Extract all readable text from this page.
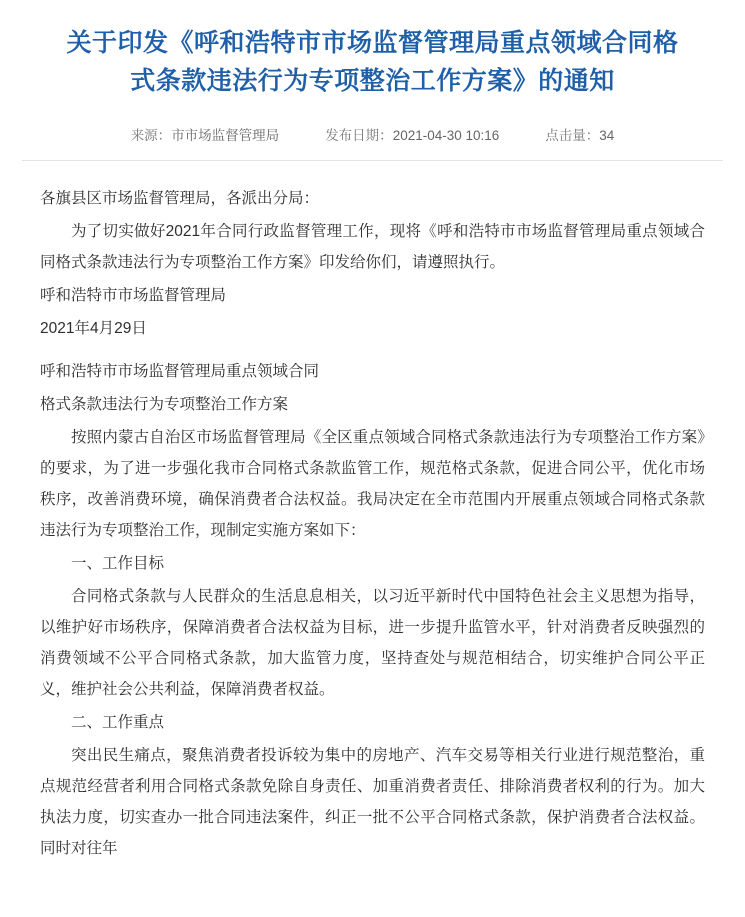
关于印发《呼和浩特市市场监督管理局重点领域合同格式条款违法行为专项整治工作方案》的通知
来源：市市场监督管理局	发布日期：2021-04-30 10:16	点击量：34

各旗县区市场监督管理局，各派出分局：

为了切实做好2021年合同行政监督管理工作，现将《呼和浩特市市场监督管理局重点领域合同格式条款违法行为专项整治工作方案》印发给你们，请遵照执行。

呼和浩特市市场监督管理局

2021年4月29日

呼和浩特市市场监督管理局重点领域合同

格式条款违法行为专项整治工作方案

按照内蒙古自治区市场监督管理局《全区重点领域合同格式条款违法行为专项整治工作方案》的要求，为了进一步强化我市合同格式条款监管工作，规范格式条款，促进合同公平，优化市场秩序，改善消费环境，确保消费者合法权益。我局决定在全市范围内开展重点领域合同格式条款违法行为专项整治工作，现制定实施方案如下：

一、工作目标

合同格式条款与人民群众的生活息息相关，以习近平新时代中国特色社会主义思想为指导，以维护好市场秩序，保障消费者合法权益为目标，进一步提升监管水平，针对消费者反映强烈的消费领域不公平合同格式条款，加大监管力度，坚持查处与规范相结合，切实维护合同公平正义，维护社会公共利益，保障消费者权益。

二、工作重点

突出民生痛点，聚焦消费者投诉较为集中的房地产、汽车交易等相关行业进行规范整治，重点规范经营者利用合同格式条款免除自身责任、加重消费者责任、排除消费者权利的行为。加大执法力度，切实查办一批合同违法案件，纠正一批不公平合同格式条款，保护消费者合法权益。同时对往年
